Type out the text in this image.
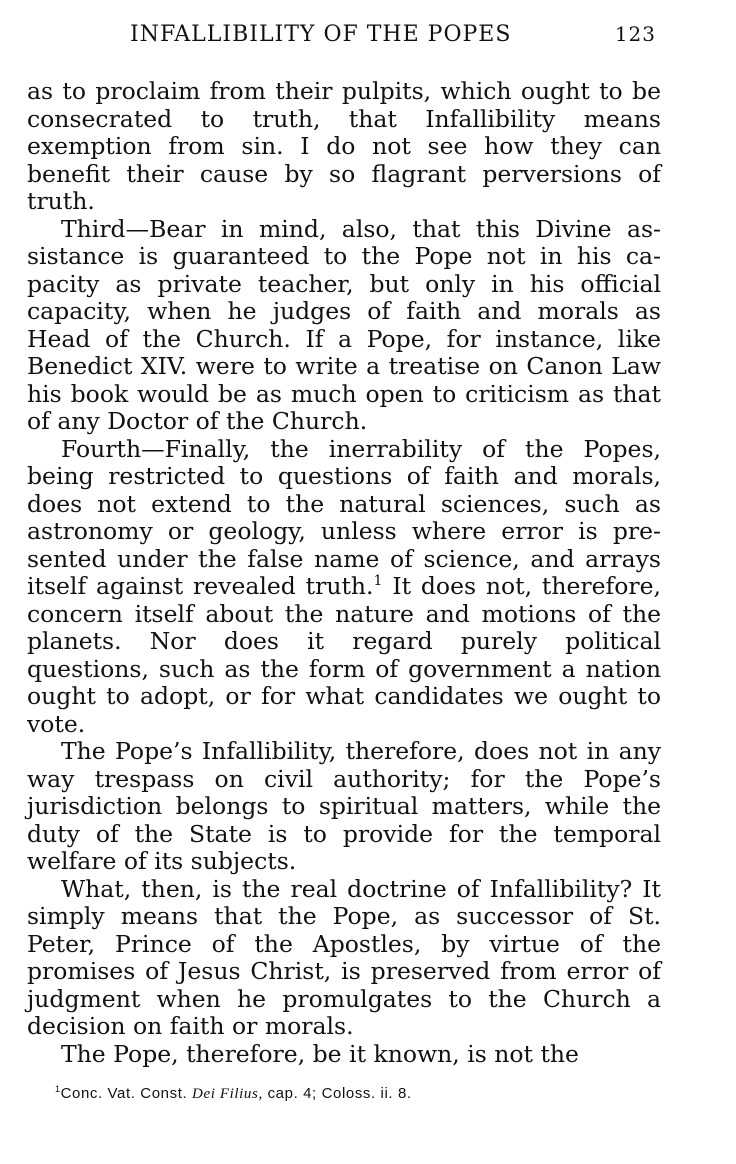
INFALLIBILITY OF THE POPES	123

as to proclaim from their pulpits, which ought to be consecrated to truth, that Infallibility means exemption from sin. I do not see how they can benefit their cause by so flagrant perversions of truth.

Third—Bear in mind, also, that this Divine assistance is guaranteed to the Pope not in his capacity as private teacher, but only in his official capacity, when he judges of faith and morals as Head of the Church. If a Pope, for instance, like Benedict XIV. were to write a treatise on Canon Law his book would be as much open to criticism as that of any Doctor of the Church.

Fourth—Finally, the inerrability of the Popes, being restricted to questions of faith and morals, does not extend to the natural sciences, such as astronomy or geology, unless where error is presented under the false name of science, and arrays itself against revealed truth.$^1$ It does not, therefore, concern itself about the nature and motions of the planets. Nor does it regard purely political questions, such as the form of government a nation ought to adopt, or for what candidates we ought to vote.

The Pope’s Infallibility, therefore, does not in any way trespass on civil authority; for the Pope’s jurisdiction belongs to spiritual matters, while the duty of the State is to provide for the temporal welfare of its subjects.

What, then, is the real doctrine of Infallibility? It simply means that the Pope, as successor of St. Peter, Prince of the Apostles, by virtue of the promises of Jesus Christ, is preserved from error of judgment when he promulgates to the Church a decision on faith or morals.

The Pope, therefore, be it known, is not the

$^1$Conc. Vat. Const. Dei Filius, cap. 4; Coloss. ii. 8.
